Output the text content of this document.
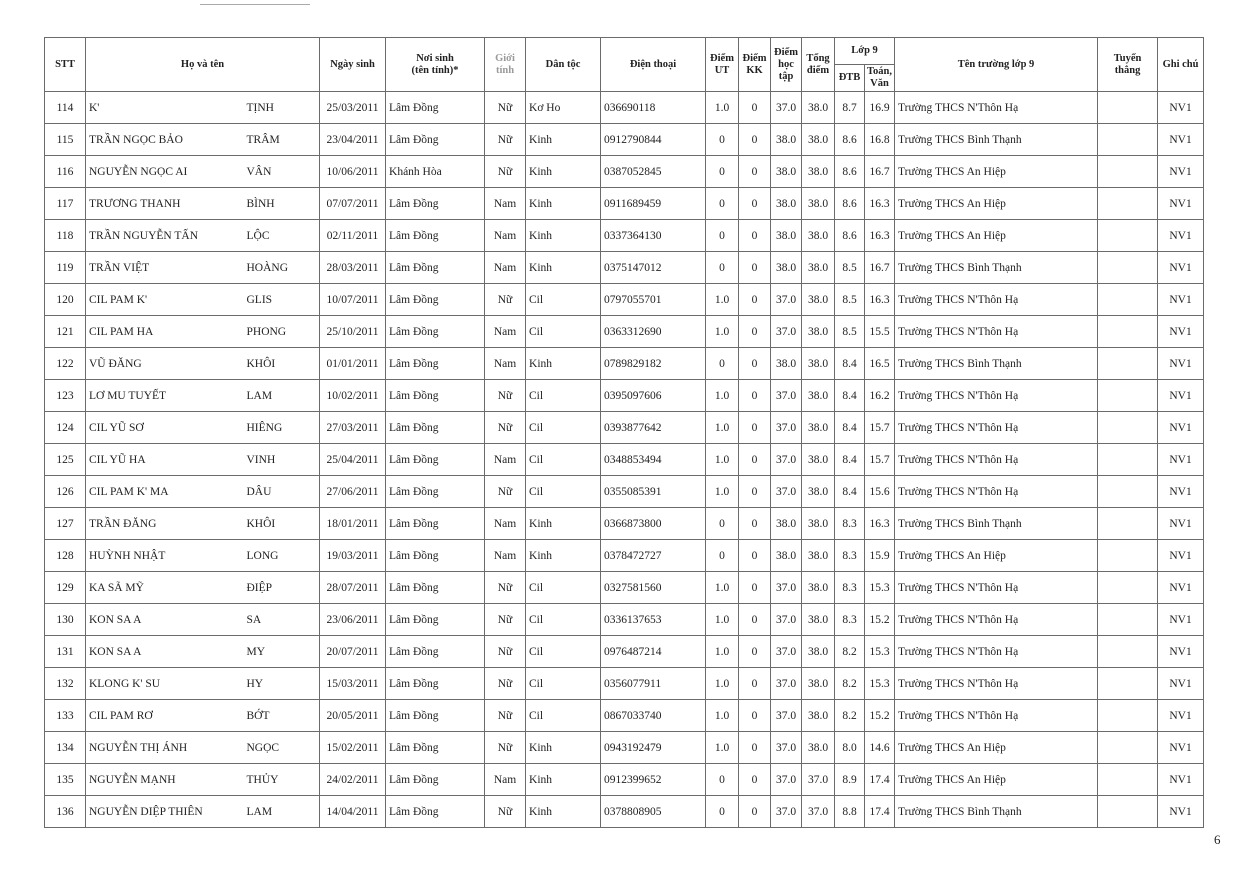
STT	Họ và tên		Ngày sinh	Nơi sinh
(tên tỉnh)*	Giới tính	Dân tộc	Điện thoại	Điểm UT	Điểm KK	Điểm học tập	Tổng điểm	Lớp 9		Tên trường lớp 9	Tuyển thẳng	Ghi chú
												ĐTB	Toán, Văn			
114	K'	TỊNH	25/03/2011	Lâm Đồng	Nữ	Kơ Ho	036690118	1.0	0	37.0	38.0	8.7	16.9	Trường THCS N'Thôn Hạ		NV1
115	TRẦN NGỌC BẢO	TRÂM	23/04/2011	Lâm Đồng	Nữ	Kinh	0912790844	0	0	38.0	38.0	8.6	16.8	Trường THCS Bình Thạnh		NV1
116	NGUYỄN NGỌC AI	VÂN	10/06/2011	Khánh Hòa	Nữ	Kinh	0387052845	0	0	38.0	38.0	8.6	16.7	Trường THCS An Hiệp		NV1
117	TRƯƠNG THANH	BÌNH	07/07/2011	Lâm Đồng	Nam	Kinh	0911689459	0	0	38.0	38.0	8.6	16.3	Trường THCS An Hiệp		NV1
118	TRẦN NGUYỄN TẤN	LỘC	02/11/2011	Lâm Đồng	Nam	Kinh	0337364130	0	0	38.0	38.0	8.6	16.3	Trường THCS An Hiệp		NV1
119	TRẦN VIỆT	HOÀNG	28/03/2011	Lâm Đồng	Nam	Kinh	0375147012	0	0	38.0	38.0	8.5	16.7	Trường THCS Bình Thạnh		NV1
120	CIL PAM K'	GLIS	10/07/2011	Lâm Đồng	Nữ	Cil	0797055701	1.0	0	37.0	38.0	8.5	16.3	Trường THCS N'Thôn Hạ		NV1
121	CIL PAM HA	PHONG	25/10/2011	Lâm Đồng	Nam	Cil	0363312690	1.0	0	37.0	38.0	8.5	15.5	Trường THCS N'Thôn Hạ		NV1
122	VŨ ĐĂNG	KHÔI	01/01/2011	Lâm Đồng	Nam	Kinh	0789829182	0	0	38.0	38.0	8.4	16.5	Trường THCS Bình Thạnh		NV1
123	LƠ MU TUYẾT	LAM	10/02/2011	Lâm Đồng	Nữ	Cil	0395097606	1.0	0	37.0	38.0	8.4	16.2	Trường THCS N'Thôn Hạ		NV1
124	CIL YŨ SƠ	HIÊNG	27/03/2011	Lâm Đồng	Nữ	Cil	0393877642	1.0	0	37.0	38.0	8.4	15.7	Trường THCS N'Thôn Hạ		NV1
125	CIL YŨ HA	VINH	25/04/2011	Lâm Đồng	Nam	Cil	0348853494	1.0	0	37.0	38.0	8.4	15.7	Trường THCS N'Thôn Hạ		NV1
126	CIL PAM K' MA	DÂU	27/06/2011	Lâm Đồng	Nữ	Cil	0355085391	1.0	0	37.0	38.0	8.4	15.6	Trường THCS N'Thôn Hạ		NV1
127	TRẦN ĐĂNG	KHÔI	18/01/2011	Lâm Đồng	Nam	Kinh	0366873800	0	0	38.0	38.0	8.3	16.3	Trường THCS Bình Thạnh		NV1
128	HUỲNH NHẬT	LONG	19/03/2011	Lâm Đồng	Nam	Kinh	0378472727	0	0	38.0	38.0	8.3	15.9	Trường THCS An Hiệp		NV1
129	KA SÃ MỸ	ĐIỆP	28/07/2011	Lâm Đồng	Nữ	Cil	0327581560	1.0	0	37.0	38.0	8.3	15.3	Trường THCS N'Thôn Hạ		NV1
130	KON SA A	SA	23/06/2011	Lâm Đồng	Nữ	Cil	0336137653	1.0	0	37.0	38.0	8.3	15.2	Trường THCS N'Thôn Hạ		NV1
131	KON SA A	MY	20/07/2011	Lâm Đồng	Nữ	Cil	0976487214	1.0	0	37.0	38.0	8.2	15.3	Trường THCS N'Thôn Hạ		NV1
132	KLONG K' SU	HY	15/03/2011	Lâm Đồng	Nữ	Cil	0356077911	1.0	0	37.0	38.0	8.2	15.3	Trường THCS N'Thôn Hạ		NV1
133	CIL PAM RƠ	BỚT	20/05/2011	Lâm Đồng	Nữ	Cil	0867033740	1.0	0	37.0	38.0	8.2	15.2	Trường THCS N'Thôn Hạ		NV1
134	NGUYỄN THỊ ÁNH	NGỌC	15/02/2011	Lâm Đồng	Nữ	Kinh	0943192479	1.0	0	37.0	38.0	8.0	14.6	Trường THCS An Hiệp		NV1
135	NGUYỄN MẠNH	THỦY	24/02/2011	Lâm Đồng	Nam	Kinh	0912399652	0	0	37.0	37.0	8.9	17.4	Trường THCS An Hiệp		NV1
136	NGUYỄN DIỆP THIÊN	LAM	14/04/2011	Lâm Đồng	Nữ	Kinh	0378808905	0	0	37.0	37.0	8.8	17.4	Trường THCS Bình Thạnh		NV1
6
